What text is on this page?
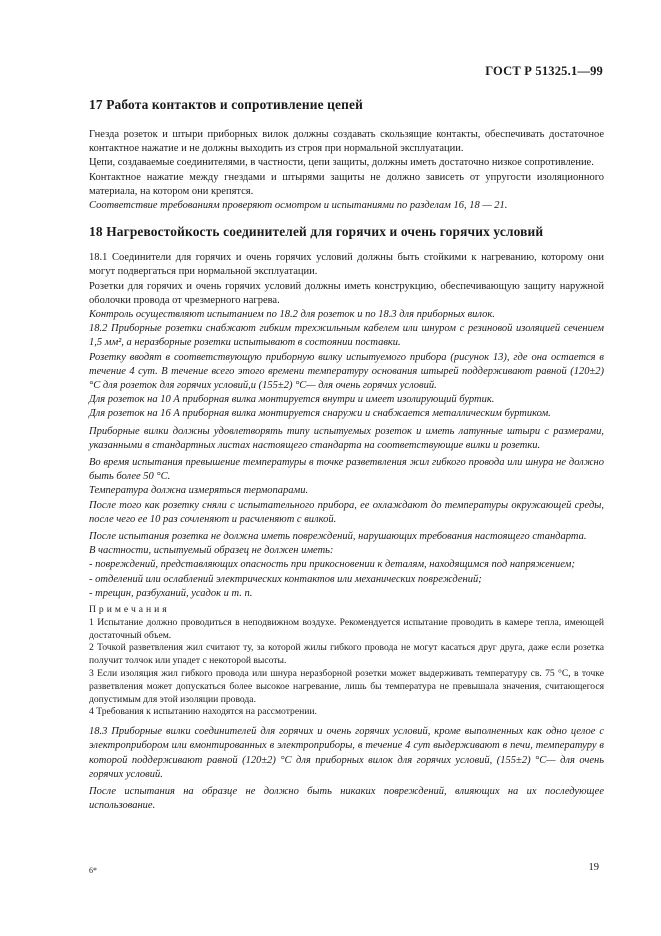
ГОСТ Р 51325.1—99
17 Работа контактов и сопротивление цепей

Гнезда розеток и штыри приборных вилок должны создавать скользящие контакты, обеспечивать достаточное контактное нажатие и не должны выходить из строя при нормальной эксплуатации.

Цепи, создаваемые соединителями, в частности, цепи защиты, должны иметь достаточно низкое сопротивление.

Контактное нажатие между гнездами и штырями защиты не должно зависеть от упругости изоляционного материала, на котором они крепятся.

Соответствие требованиям проверяют осмотром и испытаниями по разделам 16, 18 — 21.

18 Нагревостойкость соединителей для горячих и очень горячих условий

18.1 Соединители для горячих и очень горячих условий должны быть стойкими к нагреванию, которому они могут подвергаться при нормальной эксплуатации.

Розетки для горячих и очень горячих условий должны иметь конструкцию, обеспечивающую защиту наружной оболочки провода от чрезмерного нагрева.

Контроль осуществляют испытанием по 18.2 для розеток и по 18.3 для приборных вилок.

18.2 Приборные розетки снабжают гибким трехжильным кабелем или шнуром с резиновой изоляцией сечением 1,5 мм², а неразборные розетки испытывают в состоянии поставки.

Розетку вводят в соответствующую приборную вилку испытуемого прибора (рисунок 13), где она остается в течение 4 сут. В течение всего этого времени температуру основания штырей поддерживают равной (120±2) °С для розеток для горячих условий,и (155±2) °С— для очень горячих условий.

Для розеток на 10 А приборная вилка монтируется внутри и имеет изолирующий буртик.

Для розеток на 16 А приборная вилка монтируется снаружи и снабжается металлическим буртиком.

Приборные вилки должны удовлетворять типу испытуемых розеток и иметь латунные штыри с размерами, указанными в стандартных листах настоящего стандарта на соответствующие вилки и розетки.

Во время испытания превышение температуры в точке разветвления жил гибкого провода или шнура не должно быть более 50 °С.

Температура должна измеряться термопарами.

После того как розетку сняли с испытательного прибора, ее охлаждают до температуры окружающей среды, после чего ее 10 раз сочленяют и расчленяют с вилкой.

После испытания розетка не должна иметь повреждений, нарушающих требования настоящего стандарта.

В частности, испытуемый образец не должен иметь:

- повреждений, представляющих опасность при прикосновении к деталям, находящимся под напряжением;

- отделений или ослаблений электрических контактов или механических повреждений;

- трещин, разбуханий, усадок и т. п.

Примечания

1 Испытание должно проводиться в неподвижном воздухе. Рекомендуется испытание проводить в камере тепла, имеющей достаточный объем.

2 Точкой разветвления жил считают ту, за которой жилы гибкого провода не могут касаться друг друга, даже если розетка получит толчок или упадет с некоторой высоты.

3 Если изоляция жил гибкого провода или шнура неразборной розетки может выдерживать температуру св. 75 °С, в точке разветвления может допускаться более высокое нагревание, лишь бы температура не превышала значения, считающегося допустимым для этой изоляции провода.

4 Требования к испытанию находятся на рассмотрении.

18.3 Приборные вилки соединителей для горячих и очень горячих условий, кроме выполненных как одно целое с электроприбором или вмонтированных в электроприборы, в течение 4 сут выдерживают в печи, температуру в которой поддерживают равной (120±2) °С для приборных вилок для горячих условий, (155±2) °С— для очень горячих условий.

После испытания на образце не должно быть никаких повреждений, влияющих на их последующее использование.

6*	19
